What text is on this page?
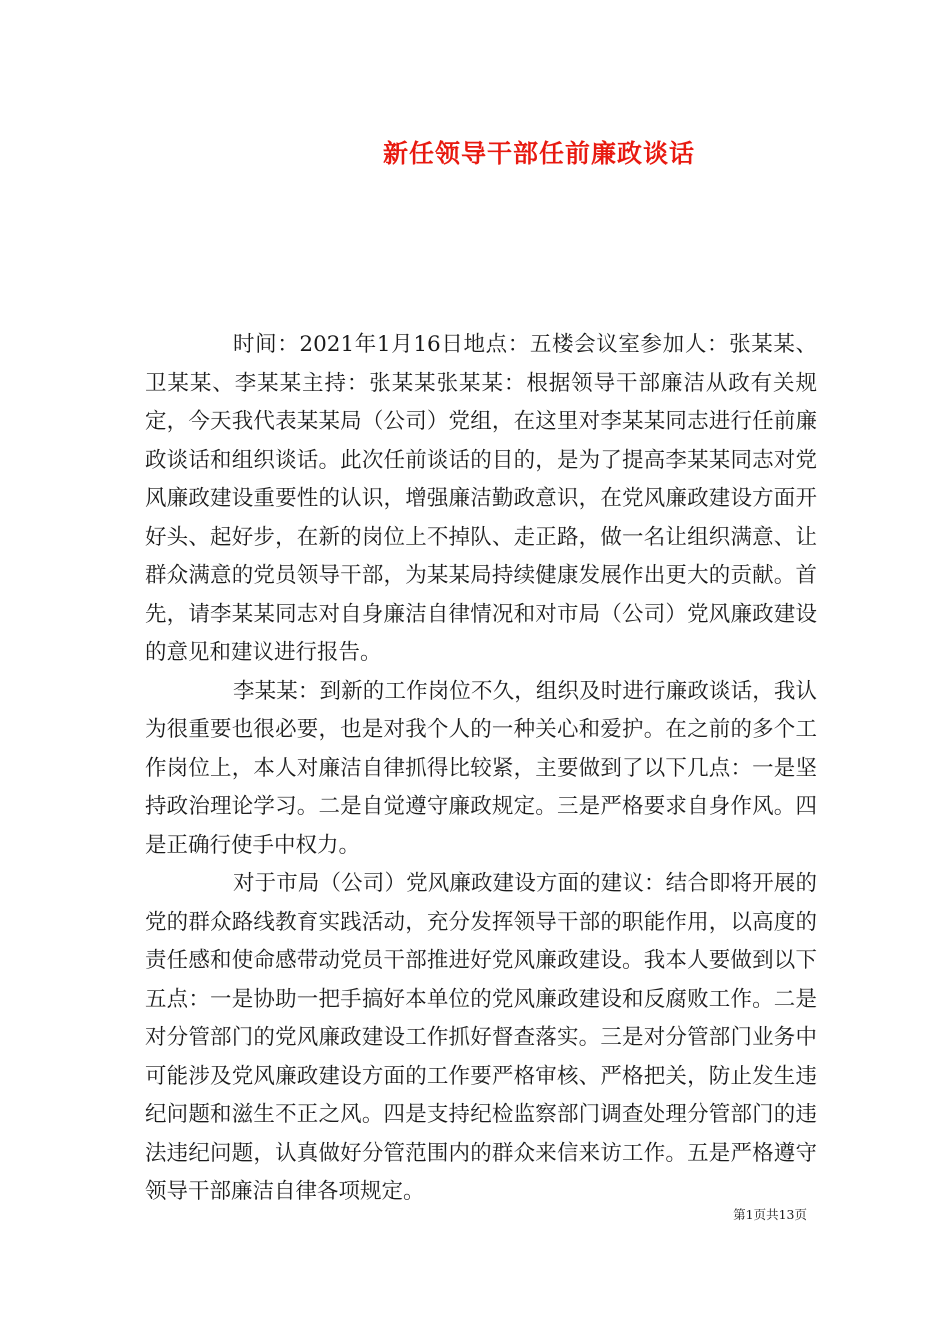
新任领导干部任前廉政谈话

时间：2021年1月16日地点：五楼会议室参加人：张某某、卫某某、李某某主持：张某某张某某：根据领导干部廉洁从政有关规定，今天我代表某某局（公司）党组，在这里对李某某同志进行任前廉政谈话和组织谈话。此次任前谈话的目的，是为了提高李某某同志对党风廉政建设重要性的认识，增强廉洁勤政意识，在党风廉政建设方面开好头、起好步，在新的岗位上不掉队、走正路，做一名让组织满意、让群众满意的党员领导干部，为某某局持续健康发展作出更大的贡献。首先，请李某某同志对自身廉洁自律情况和对市局（公司）党风廉政建设的意见和建议进行报告。

李某某：到新的工作岗位不久，组织及时进行廉政谈话，我认为很重要也很必要，也是对我个人的一种关心和爱护。在之前的多个工作岗位上，本人对廉洁自律抓得比较紧，主要做到了以下几点：一是坚持政治理论学习。二是自觉遵守廉政规定。三是严格要求自身作风。四是正确行使手中权力。

对于市局（公司）党风廉政建设方面的建议：结合即将开展的党的群众路线教育实践活动，充分发挥领导干部的职能作用，以高度的责任感和使命感带动党员干部推进好党风廉政建设。我本人要做到以下五点：一是协助一把手搞好本单位的党风廉政建设和反腐败工作。二是对分管部门的党风廉政建设工作抓好督查落实。三是对分管部门业务中可能涉及党风廉政建设方面的工作要严格审核、严格把关，防止发生违纪问题和滋生不正之风。四是支持纪检监察部门调查处理分管部门的违法违纪问题，认真做好分管范围内的群众来信来访工作。五是严格遵守领导干部廉洁自律各项规定。

第1页共13页
